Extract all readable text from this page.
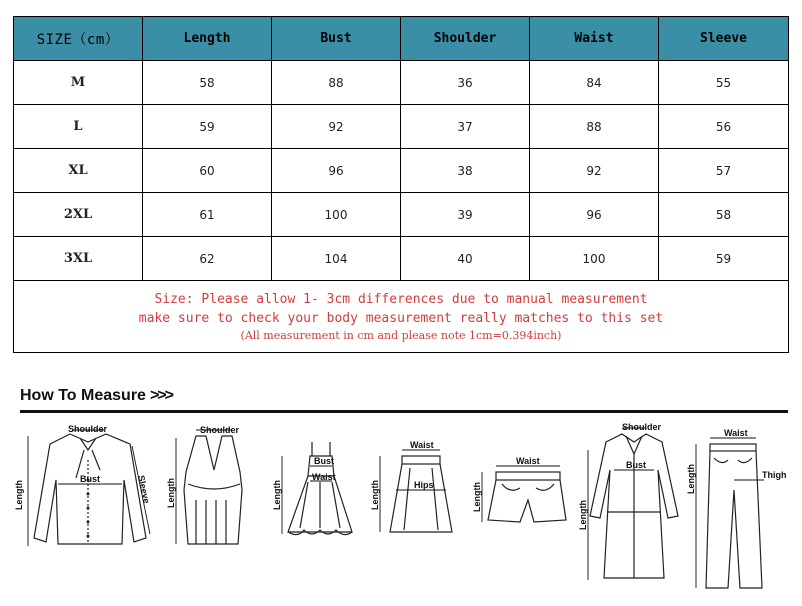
SIZE（cm）	Length	Bust	Shoulder	Waist	Sleeve
M	58	88	36	84	55
L	59	92	37	88	56
XL	60	96	38	92	57
2XL	61	100	39	96	58
3XL	62	104	40	100	59

Size: Please allow 1- 3cm differences due to manual measurement
make sure to check your body measurement really matches to this set
(All measurement in cm and please note 1cm=0.394inch)					
How To Measure >>>
Shoulder
Bust	Sleeve
Length
Shoulder
Length
Bust
Waist
Length
Waist
Hips
Length
Waist
Length
Shoulder
Bust
Length
Waist
Thigh
Length
